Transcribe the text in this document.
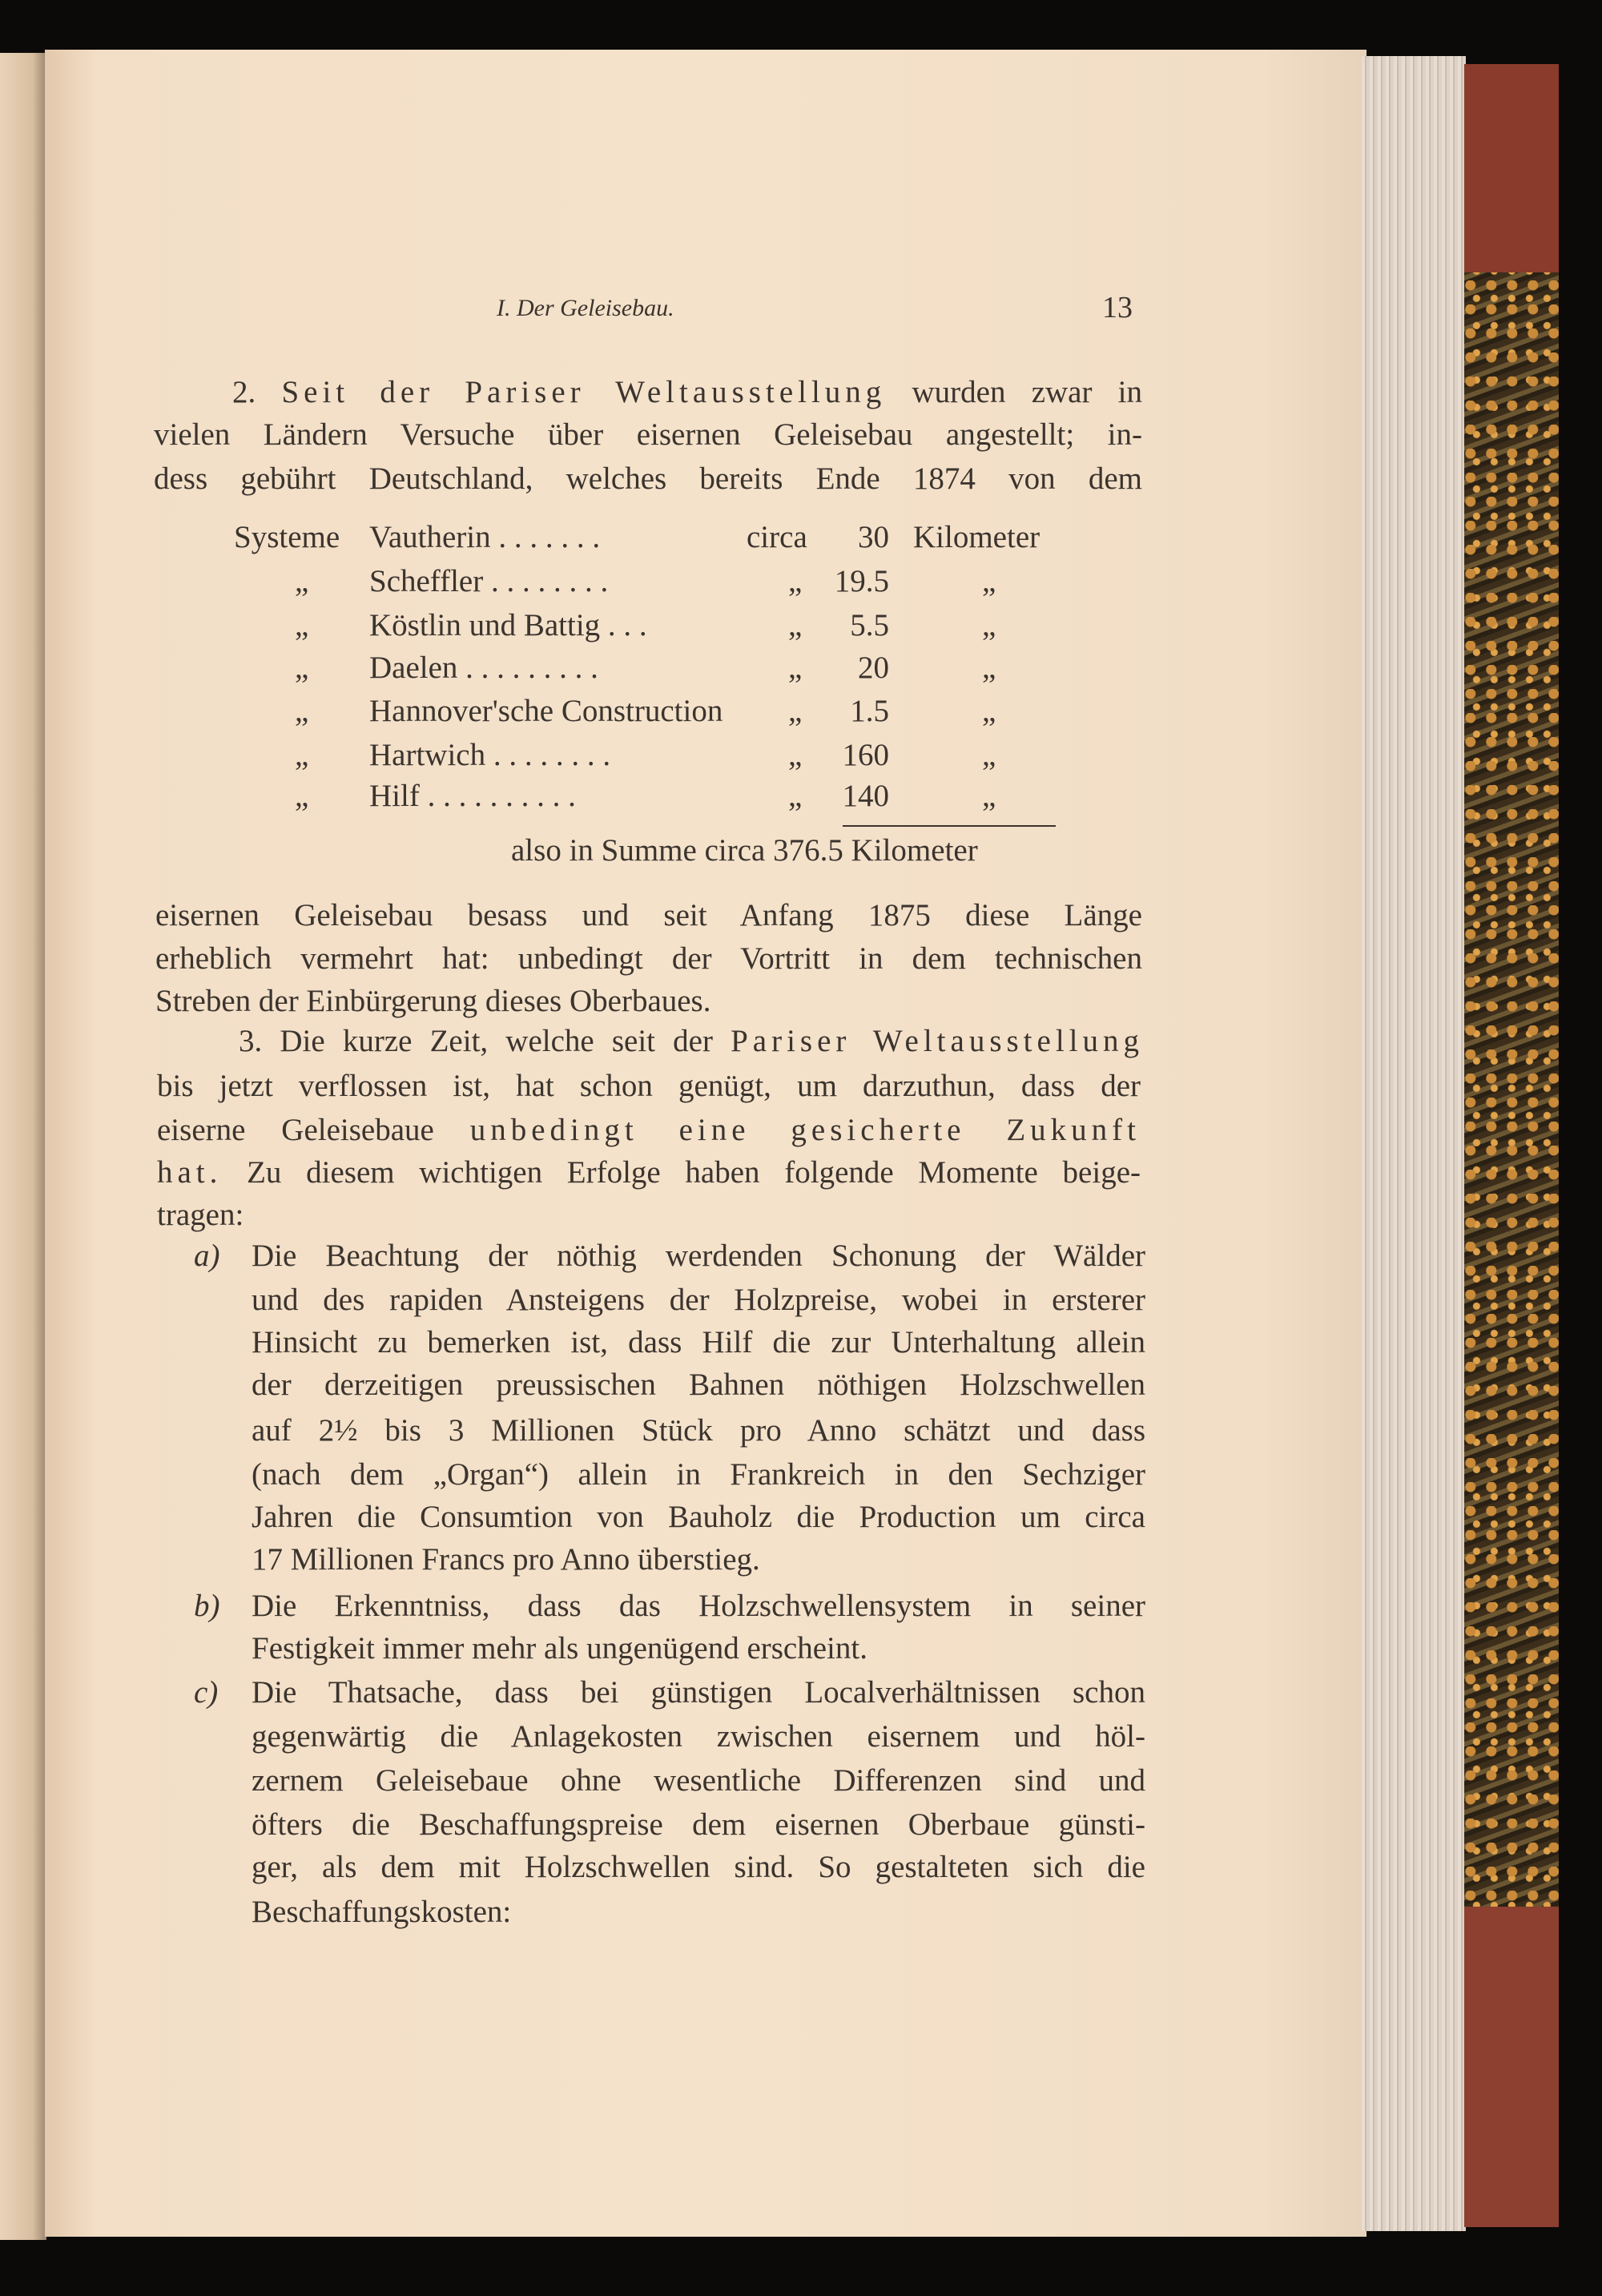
I. Der Geleisebau.	13
2. Seit der Pariser Weltausstellung wurden zwar in
vielen Ländern Versuche über eisernen Geleisebau angestellt; in-
dess gebührt Deutschland, welches bereits Ende 1874 von dem
Systeme Vautherin . . . . . . .	circa	30 Kilometer
„ Scheffler . . . . . . . .	„	19.5	„
„ Köstlin und Battig . . .	„	5.5	„
„ Daelen . . . . . . . . .	„	20	„
„ Hannover'sche Construction „	1.5	„
„ Hartwich . . . . . . . .	„	160	„
„ Hilf . . . . . . . . . .	„	140	„
also in Summe circa 376.5 Kilometer
eisernen Geleisebau besass und seit Anfang 1875 diese Länge
erheblich vermehrt hat: unbedingt der Vortritt in dem technischen
Streben der Einbürgerung dieses Oberbaues.
3. Die kurze Zeit, welche seit der Pariser Weltausstellung
bis jetzt verflossen ist, hat schon genügt, um darzuthun, dass der
eiserne Geleisebaue unbedingt eine gesicherte Zukunft
hat. Zu diesem wichtigen Erfolge haben folgende Momente beige-
tragen:
a) Die Beachtung der nöthig werdenden Schonung der Wälder
und des rapiden Ansteigens der Holzpreise, wobei in ersterer
Hinsicht zu bemerken ist, dass Hilf die zur Unterhaltung allein
der derzeitigen preussischen Bahnen nöthigen Holzschwellen
auf 2½ bis 3 Millionen Stück pro Anno schätzt und dass
(nach dem „Organ“) allein in Frankreich in den Sechziger
Jahren die Consumtion von Bauholz die Production um circa
17 Millionen Francs pro Anno überstieg.
b) Die Erkenntniss, dass das Holzschwellensystem in seiner
Festigkeit immer mehr als ungenügend erscheint.
c) Die Thatsache, dass bei günstigen Localverhältnissen schon
gegenwärtig die Anlagekosten zwischen eisernem und höl-
zernem Geleisebaue ohne wesentliche Differenzen sind und
öfters die Beschaffungspreise dem eisernen Oberbaue günsti-
ger, als dem mit Holzschwellen sind. So gestalteten sich die
Beschaffungskosten:
